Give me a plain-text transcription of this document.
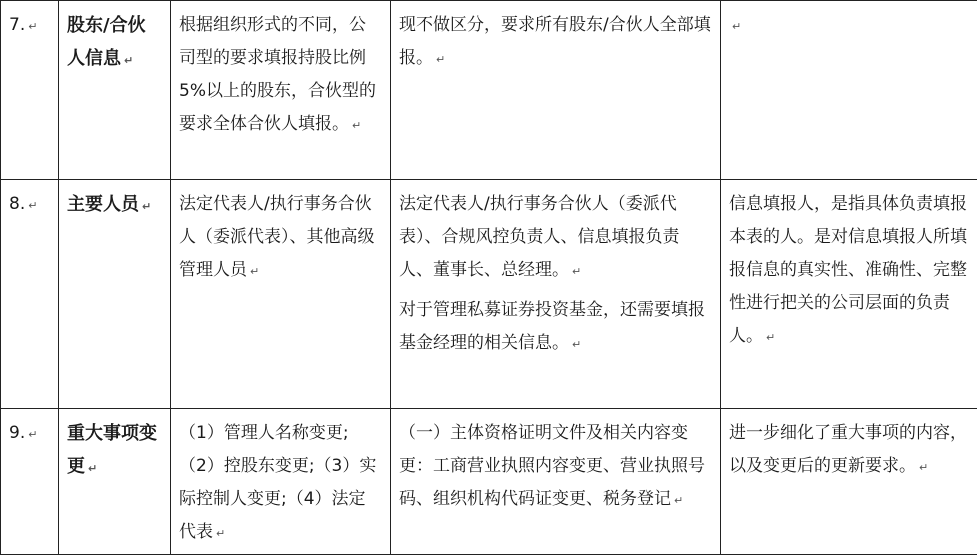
7. ↵	股东/合伙人信息 ↵	根据组织形式的不同，公司型的要求填报持股比例5%以上的股东，合伙型的要求全体合伙人填报。 ↵	现不做区分，要求所有股东/合伙人全部填报。 ↵	↵

8. ↵	主要人员 ↵	法定代表人/执行事务合伙人（委派代表）、其他高级管理人员 ↵	法定代表人/执行事务合伙人（委派代表）、合规风控负责人、信息填报负责人、董事长、总经理。 ↵

对于管理私募证券投资基金，还需要填报基金经理的相关信息。 ↵	信息填报人，是指具体负责填报本表的人。是对信息填报人所填报信息的真实性、准确性、完整性进行把关的公司层面的负责人。 ↵

9. ↵	重大事项变更 ↵	（1）管理人名称变更;（2）控股东变更;（3）实际控制人变更;（4）法定代表 ↵	（一）主体资格证明文件及相关内容变更：工商营业执照内容变更、营业执照号码、组织机构代码证变更、税务登记 ↵	进一步细化了重大事项的内容，以及变更后的更新要求。 ↵
